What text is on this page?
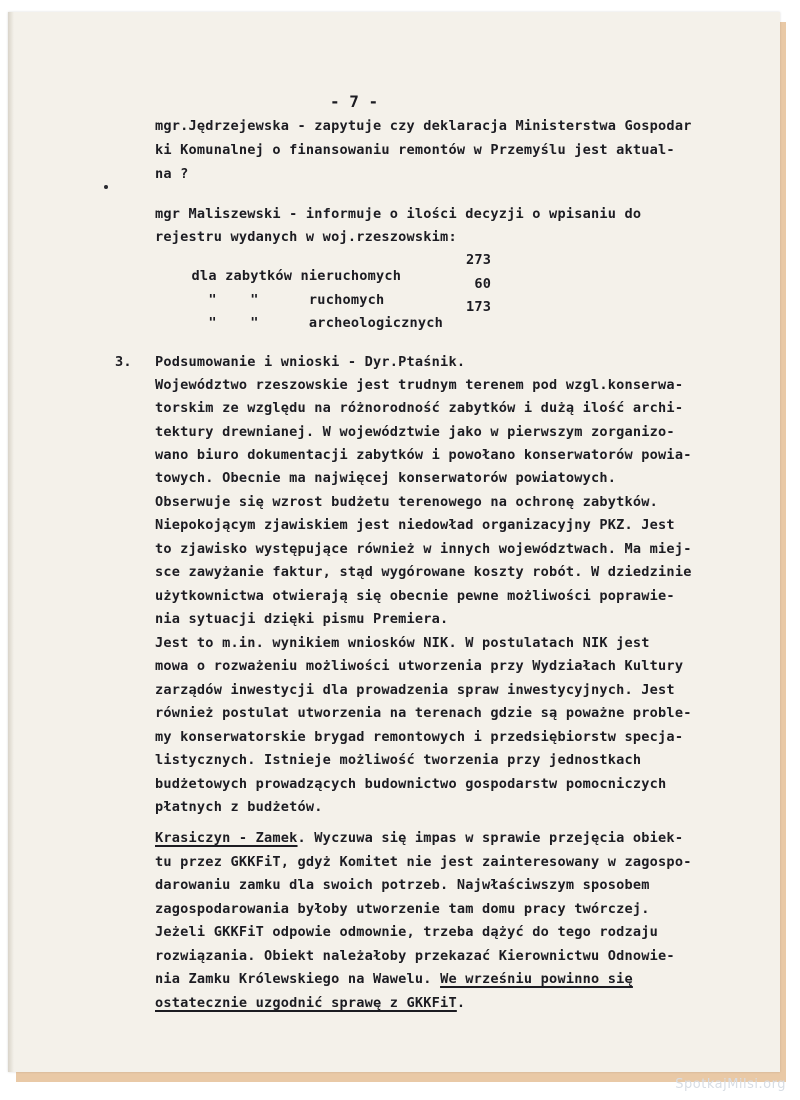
- 7 -

mgr.Jędrzejewska - zapytuje czy deklaracja Ministerstwa Gospodar

ki Komunalnej o finansowaniu remontów w Przemyślu jest aktual-

na ?

mgr Maliszewski - informuje o ilości decyzji o wpisaniu do

rejestru wydanych w woj.rzeszowskim:

dla zabytków nieruchomych

273

"    "      ruchomych

60

"    "      archeologicznych

173

3.

Podsumowanie i wnioski - Dyr.Ptaśnik.

Województwo rzeszowskie jest trudnym terenem pod wzgl.konserwa-

torskim ze względu na różnorodność zabytków i dużą ilość archi-

tektury drewnianej. W województwie jako w pierwszym zorganizo-

wano biuro dokumentacji zabytków i powołano konserwatorów powia-

towych. Obecnie ma najwięcej konserwatorów powiatowych.

Obserwuje się wzrost budżetu terenowego na ochronę zabytków.

Niepokojącym zjawiskiem jest niedowład organizacyjny PKZ. Jest

to zjawisko występujące również w innych województwach. Ma miej-

sce zawyżanie faktur, stąd wygórowane koszty robót. W dziedzinie

użytkownictwa otwierają się obecnie pewne możliwości poprawie-

nia sytuacji dzięki pismu Premiera.

Jest to m.in. wynikiem wniosków NIK. W postulatach NIK jest

mowa o rozważeniu możliwości utworzenia przy Wydziałach Kultury

zarządów inwestycji dla prowadzenia spraw inwestycyjnych. Jest

również postulat utworzenia na terenach gdzie są poważne proble-

my konserwatorskie brygad remontowych i przedsiębiorstw specja-

listycznych. Istnieje możliwość tworzenia przy jednostkach

budżetowych prowadzących budownictwo gospodarstw pomocniczych

płatnych z budżetów.

Krasiczyn - Zamek. Wyczuwa się impas w sprawie przejęcia obiek-

tu przez GKKFiT, gdyż Komitet nie jest zainteresowany w zagospo-

darowaniu zamku dla swoich potrzeb. Najwłaściwszym sposobem

zagospodarowania byłoby utworzenie tam domu pracy twórczej.

Jeżeli GKKFiT odpowie odmownie, trzeba dążyć do tego rodzaju

rozwiązania. Obiekt należałoby przekazać Kierownictwu Odnowie-

nia Zamku Królewskiego na Wawelu. We wrześniu powinno się

ostatecznie uzgodnić sprawę z GKKFiT.

SpotkajMilsi.org
